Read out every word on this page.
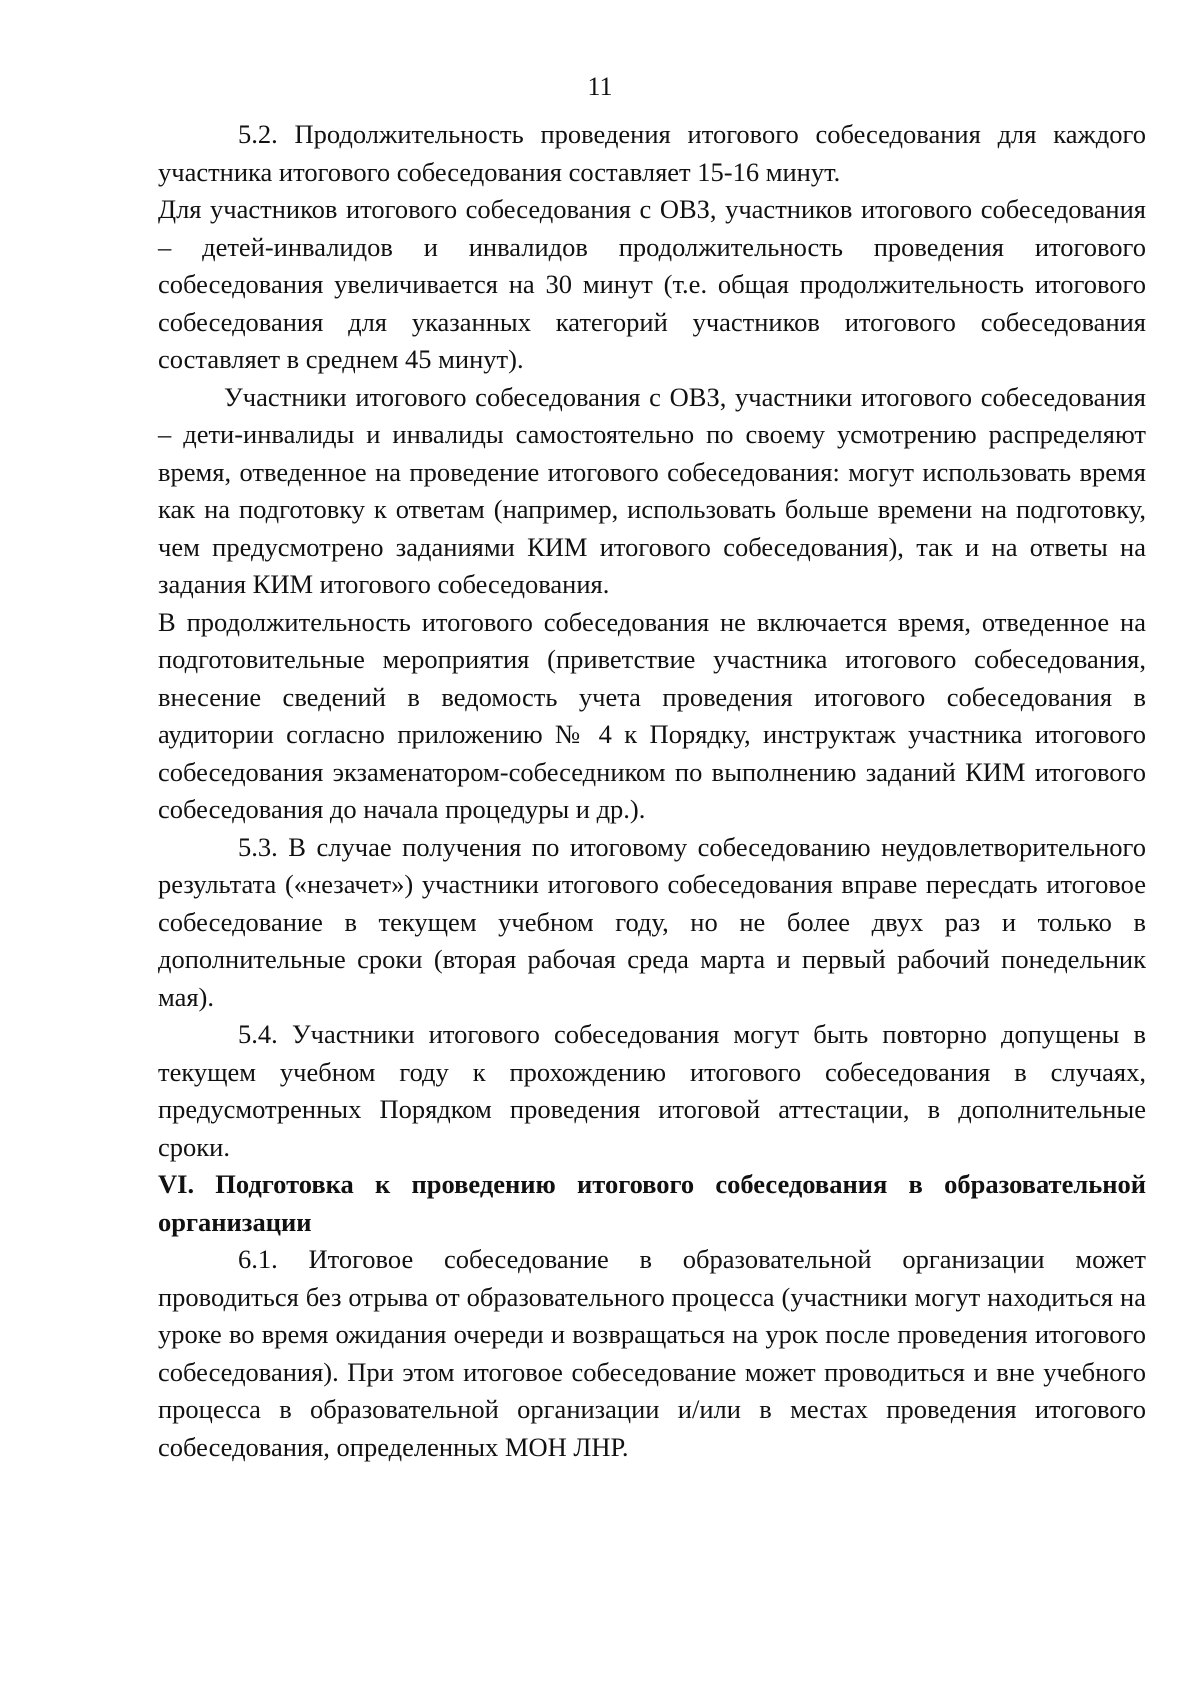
11

5.2. Продолжительность проведения итогового собеседования для каждого участника итогового собеседования составляет 15-16 минут.

Для участников итогового собеседования с ОВЗ, участников итогового собеседования – детей-инвалидов и инвалидов продолжительность проведения итогового собеседования увеличивается на 30 минут (т.е. общая продолжительность итогового собеседования для указанных категорий участников итогового собеседования составляет в среднем 45 минут).

Участники итогового собеседования с ОВЗ, участники итогового собеседования – дети-инвалиды и инвалиды самостоятельно по своему усмотрению распределяют время, отведенное на проведение итогового собеседования: могут использовать время как на подготовку к ответам (например, использовать больше времени на подготовку, чем предусмотрено заданиями КИМ итогового собеседования), так и на ответы на задания КИМ итогового собеседования.

В продолжительность итогового собеседования не включается время, отведенное на подготовительные мероприятия (приветствие участника итогового собеседования, внесение сведений в ведомость учета проведения итогового собеседования в аудитории согласно приложению № 4 к Порядку, инструктаж участника итогового собеседования экзаменатором-собеседником по выполнению заданий КИМ итогового собеседования до начала процедуры и др.).

5.3. В случае получения по итоговому собеседованию неудовлетворительного результата («незачет») участники итогового собеседования вправе пересдать итоговое собеседование в текущем учебном году, но не более двух раз и только в дополнительные сроки (вторая рабочая среда марта и первый рабочий понедельник мая).

5.4. Участники итогового собеседования могут быть повторно допущены в текущем учебном году к прохождению итогового собеседования в случаях, предусмотренных Порядком проведения итоговой аттестации, в дополнительные сроки.

VI. Подготовка к проведению итогового собеседования в образовательной организации

6.1. Итоговое собеседование в образовательной организации может проводиться без отрыва от образовательного процесса (участники могут находиться на уроке во время ожидания очереди и возвращаться на урок после проведения итогового собеседования). При этом итоговое собеседование может проводиться и вне учебного процесса в образовательной организации и/или в местах проведения итогового собеседования, определенных МОН ЛНР.
